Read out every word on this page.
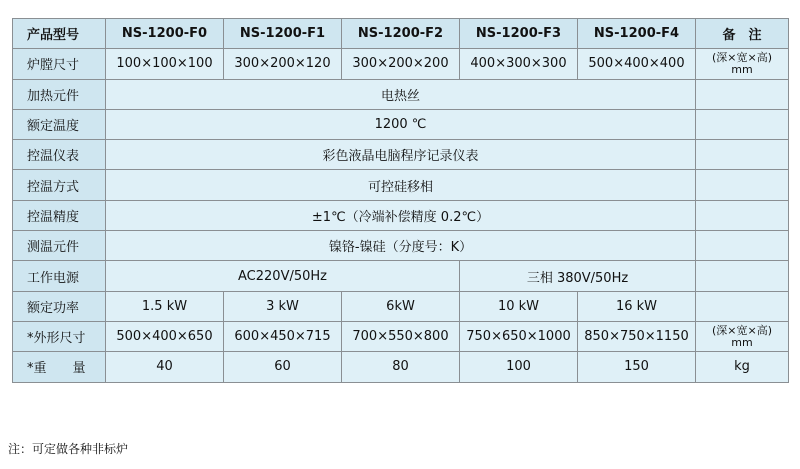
产品型号	NS-1200-F0	NS-1200-F1	NS-1200-F2	NS-1200-F3	NS-1200-F4	备　注
炉膛尺寸	100×100×100	300×200×120	300×200×200	400×300×300	500×400×400	(深×宽×高)
mm
加热元件	电热丝					
额定温度	1200 ℃					
控温仪表	彩色液晶电脑程序记录仪表					
控温方式	可控硅移相					
控温精度	±1℃（冷端补偿精度 0.2℃）					
测温元件	镍铬-镍硅（分度号：K）					
工作电源	AC220V/50Hz			三相 380V/50Hz		
额定功率	1.5 kW	3 kW	6kW	10 kW	16 kW	
*外形尺寸	500×400×650	600×450×715	700×550×800	750×650×1000	850×750×1150	(深×宽×高)
mm
*重　　量	40	60	80	100	150	kg
注：可定做各种非标炉
